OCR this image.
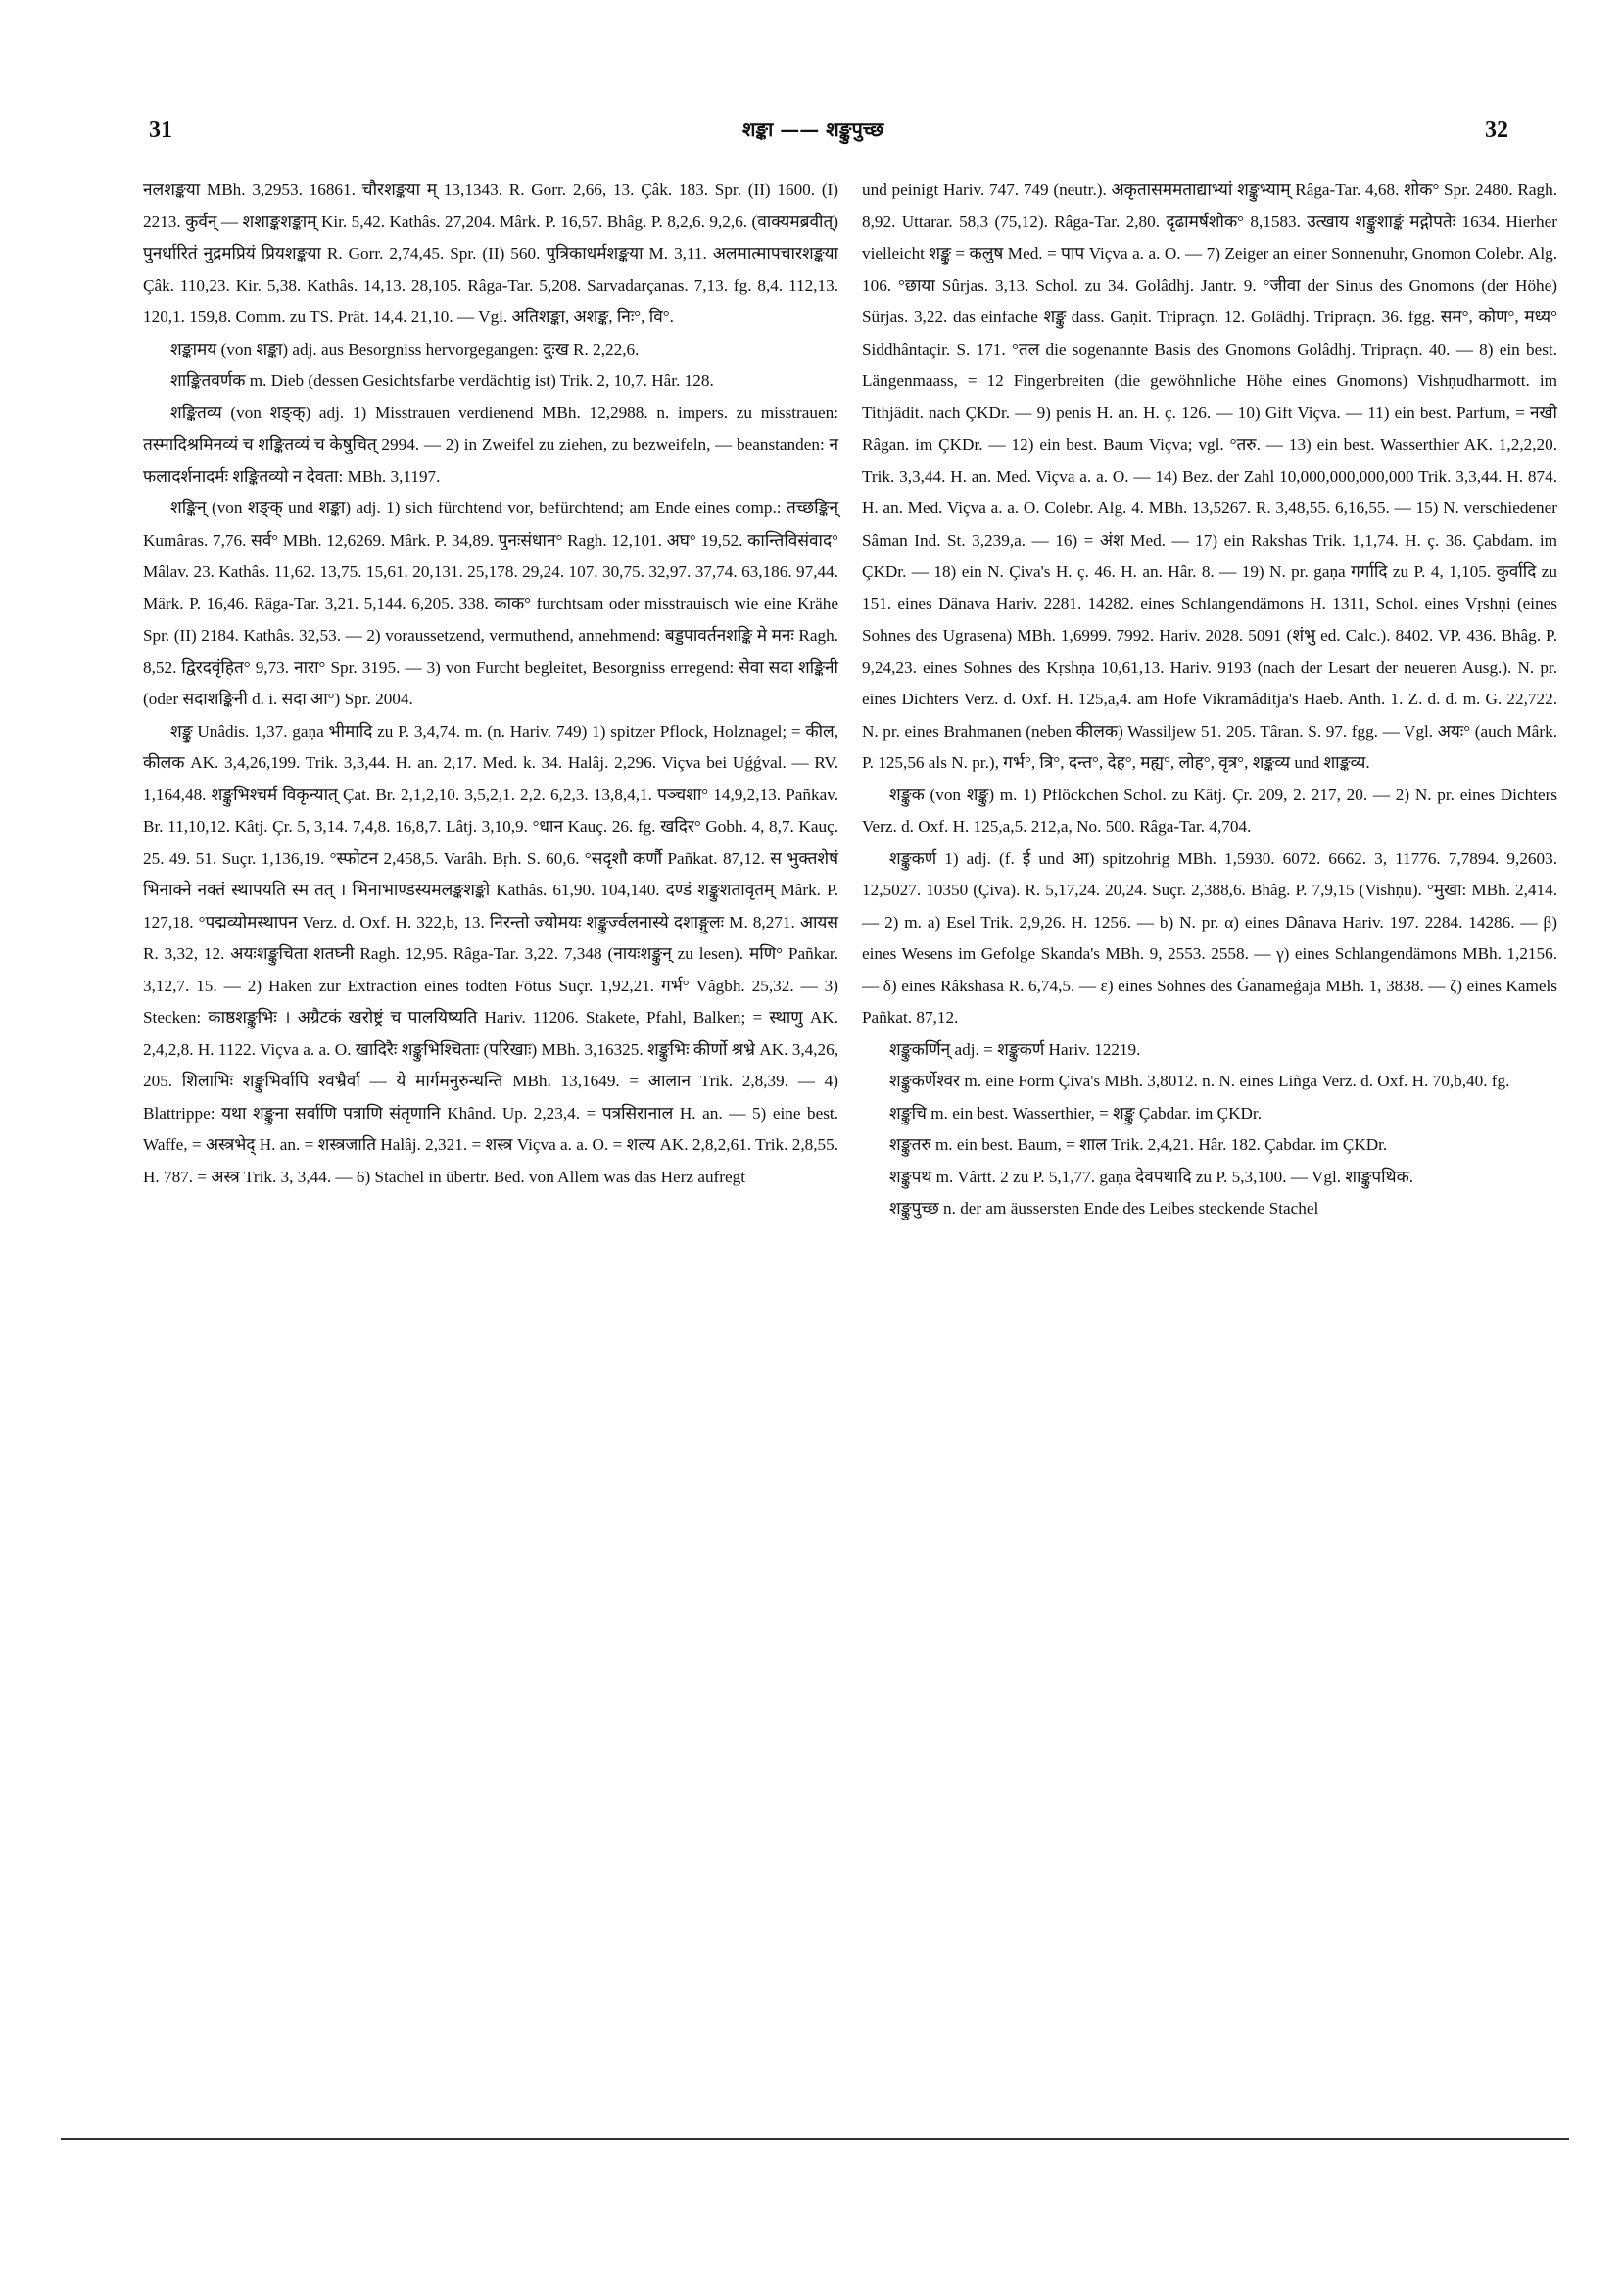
31	शङ्का —— शङ्कुपुच्छ	32

नलशङ्कया MBh. 3,2953. 16861. चौरशङ्कया म् 13,1343. R. Gorr. 2,66, 13. Çâk. 183. Spr. (II) 1600. (I) 2213. कुर्वन् — शशाङ्कशङ्काम् Kir. 5,42. Kathâs. 27,204. Mârk. P. 16,57. Bhâg. P. 8,2,6. 9,2,6. (वाक्यमब्रवीत्) पुनर्धारितं नुद्रमप्रियं प्रियशङ्कया R. Gorr. 2,74,45. Spr. (II) 560. पुत्रिकाधर्मशङ्कया M. 3,11. अलमात्मापचारशङ्कया Çâk. 110,23. Kir. 5,38. Kathâs. 14,13. 28,105. Râga-Tar. 5,208. Sarvadarçanas. 7,13. fg. 8,4. 112,13. 120,1. 159,8. Comm. zu TS. Prât. 14,4. 21,10. — Vgl. अतिशङ्का, अशङ्क, निः°, वि°.

शङ्कामय (von शङ्का) adj. aus Besorgniss hervorgegangen: दुःख R. 2,22,6.

शाङ्कितवर्णक m. Dieb (dessen Gesichtsfarbe verdächtig ist) Trik. 2, 10,7. Hâr. 128.

शङ्कितव्य (von शङ्क्) adj. 1) Misstrauen verdienend MBh. 12,2988. n. impers. zu misstrauen: तस्मादिश्रमिनव्यं च शङ्कितव्यं च केषुचित् 2994. — 2) in Zweifel zu ziehen, zu bezweifeln, — beanstanden: न फलादर्शनादर्मः शङ्कितव्यो न देवता: MBh. 3,1197.

शङ्किन् (von शङ्क् und शङ्का) adj. 1) sich fürchtend vor, befürchtend; am Ende eines comp.: तच्छङ्किन् Kumâras. 7,76. सर्व° MBh. 12,6269. Mârk. P. 34,89. पुनःसंधान° Ragh. 12,101. अघ° 19,52. कान्तिविसंवाद° Mâlav. 23. Kathâs. 11,62. 13,75. 15,61. 20,131. 25,178. 29,24. 107. 30,75. 32,97. 37,74. 63,186. 97,44. Mârk. P. 16,46. Râga-Tar. 3,21. 5,144. 6,205. 338. काक° furchtsam oder misstrauisch wie eine Krähe Spr. (II) 2184. Kathâs. 32,53. — 2) voraussetzend, vermuthend, annehmend: बड्डपावर्तनशङ्कि मे मनः Ragh. 8,52. द्विरदवृंहित° 9,73. नारा° Spr. 3195. — 3) von Furcht begleitet, Besorgniss erregend: सेवा सदा शङ्किनी (oder सदाशङ्किनी d. i. सदा आ°) Spr. 2004.

शङ्कु Unâdis. 1,37. gaṇa भीमादि zu P. 3,4,74. m. (n. Hariv. 749) 1) spitzer Pflock, Holznagel; = कील, कीलक AK. 3,4,26,199. Trik. 3,3,44. H. an. 2,17. Med. k. 34. Halâj. 2,296. Viçva bei Uǵǵval. — RV. 1,164,48. शङ्कुभिश्चर्म विकृन्यात् Çat. Br. 2,1,2,10. 3,5,2,1. 2,2. 6,2,3. 13,8,4,1. पञ्चशा° 14,9,2,13. Pañkav. Br. 11,10,12. Kâtj. Çr. 5, 3,14. 7,4,8. 16,8,7. Lâtj. 3,10,9. °धान Kauç. 26. fg. खदिर° Gobh. 4, 8,7. Kauç. 25. 49. 51. Suçr. 1,136,19. °स्फोटन 2,458,5. Varâh. Bṛh. S. 60,6. °सदृशौ कर्णौ Pañkat. 87,12. स भुक्तशेषं भिनाक्ने नक्तं स्थापयति स्म तत् । भिनाभाण्डस्यमलङ्कशङ्को Kathâs. 61,90. 104,140. दण्डं शङ्कुशतावृतम् Mârk. P. 127,18. °पद्मव्योमस्थापन Verz. d. Oxf. H. 322,b, 13. निरन्तो ज्योमयः शङ्कुर्ज्वलनास्ये दशाङ्गुलः M. 8,271. आयस R. 3,32, 12. अयःशङ्कुचिता शतघ्नी Ragh. 12,95. Râga-Tar. 3,22. 7,348 (नायःशङ्कुन् zu lesen). मणि° Pañkar. 3,12,7. 15. — 2) Haken zur Extraction eines todten Fötus Suçr. 1,92,21. गर्भ° Vâgbh. 25,32. — 3) Stecken: काष्ठशङ्कुभिः । अग्रैटकं खरोष्ट्रं च पालयिष्यति Hariv. 11206. Stakete, Pfahl, Balken; = स्थाणु AK. 2,4,2,8. H. 1122. Viçva a. a. O. खादिरैः शङ्कुभिश्चिताः (परिखाः) MBh. 3,16325. शङ्कुभिः कीर्णो श्रभ्रे AK. 3,4,26, 205. शिलाभिः शङ्कुभिर्वापि श्वभ्रैर्वा — ये मार्गमनुरुन्धन्ति MBh. 13,1649. = आलान Trik. 2,8,39. — 4) Blattrippe: यथा शङ्कुना सर्वाणि पत्राणि संतृणानि Khând. Up. 2,23,4. = पत्रसिरानाल H. an. — 5) eine best. Waffe, = अस्त्रभेद् H. an. = शस्त्रजाति Halâj. 2,321. = शस्त्र Viçva a. a. O. = शल्य AK. 2,8,2,61. Trik. 2,8,55. H. 787. = अस्त्र Trik. 3, 3,44. — 6) Stachel in übertr. Bed. von Allem was das Herz aufregt

und peinigt Hariv. 747. 749 (neutr.). अकृतासममताद्याभ्यां शङ्कुभ्याम् Râga-Tar. 4,68. शोक° Spr. 2480. Ragh. 8,92. Uttarar. 58,3 (75,12). Râga-Tar. 2,80. दृढामर्षशोक° 8,1583. उत्खाय शङ्कुशाङ्कं मद्गोपतेः 1634. Hierher vielleicht शङ्कु = कलुष Med. = पाप Viçva a. a. O. — 7) Zeiger an einer Sonnenuhr, Gnomon Colebr. Alg. 106. °छाया Sûrjas. 3,13. Schol. zu 34. Golâdhj. Jantr. 9. °जीवा der Sinus des Gnomons (der Höhe) Sûrjas. 3,22. das einfache शङ्कु dass. Gaṇit. Tripraçn. 12. Golâdhj. Tripraçn. 36. fgg. सम°, कोण°, मध्य° Siddhântaçir. S. 171. °तल die sogenannte Basis des Gnomons Golâdhj. Tripraçn. 40. — 8) ein best. Längenmaass, = 12 Fingerbreiten (die gewöhnliche Höhe eines Gnomons) Vishṇudharmott. im Tithjâdit. nach ÇKDr. — 9) penis H. an. H. ç. 126. — 10) Gift Viçva. — 11) ein best. Parfum, = नखी Râgan. im ÇKDr. — 12) ein best. Baum Viçva; vgl. °तरु. — 13) ein best. Wasserthier AK. 1,2,2,20. Trik. 3,3,44. H. an. Med. Viçva a. a. O. — 14) Bez. der Zahl 10,000,000,000,000 Trik. 3,3,44. H. 874. H. an. Med. Viçva a. a. O. Colebr. Alg. 4. MBh. 13,5267. R. 3,48,55. 6,16,55. — 15) N. verschiedener Sâman Ind. St. 3,239,a. — 16) = अंश Med. — 17) ein Rakshas Trik. 1,1,74. H. ç. 36. Çabdam. im ÇKDr. — 18) ein N. Çiva's H. ç. 46. H. an. Hâr. 8. — 19) N. pr. gaṇa गर्गादि zu P. 4, 1,105. कुर्वादि zu 151. eines Dânava Hariv. 2281. 14282. eines Schlangendämons H. 1311, Schol. eines Vṛshṇi (eines Sohnes des Ugrasena) MBh. 1,6999. 7992. Hariv. 2028. 5091 (शंभु ed. Calc.). 8402. VP. 436. Bhâg. P. 9,24,23. eines Sohnes des Kṛshṇa 10,61,13. Hariv. 9193 (nach der Lesart der neueren Ausg.). N. pr. eines Dichters Verz. d. Oxf. H. 125,a,4. am Hofe Vikramâditja's Haeb. Anth. 1. Z. d. d. m. G. 22,722. N. pr. eines Brahmanen (neben कीलक) Wassiljew 51. 205. Târan. S. 97. fgg. — Vgl. अयः° (auch Mârk. P. 125,56 als N. pr.), गर्भ°, त्रि°, दन्त°, देह°, मह्य°, लोह°, वृत्र°, शङ्कव्य und शाङ्कव्य.

शङ्कुक (von शङ्कु) m. 1) Pflöckchen Schol. zu Kâtj. Çr. 209, 2. 217, 20. — 2) N. pr. eines Dichters Verz. d. Oxf. H. 125,a,5. 212,a, No. 500. Râga-Tar. 4,704.

शङ्कुकर्ण 1) adj. (f. ई und आ) spitzohrig MBh. 1,5930. 6072. 6662. 3, 11776. 7,7894. 9,2603. 12,5027. 10350 (Çiva). R. 5,17,24. 20,24. Suçr. 2,388,6. Bhâg. P. 7,9,15 (Vishṇu). °मुखा: MBh. 2,414. — 2) m. a) Esel Trik. 2,9,26. H. 1256. — b) N. pr. α) eines Dânava Hariv. 197. 2284. 14286. — β) eines Wesens im Gefolge Skanda's MBh. 9, 2553. 2558. — γ) eines Schlangendämons MBh. 1,2156. — δ) eines Râkshasa R. 6,74,5. — ε) eines Sohnes des Ġanameǵaja MBh. 1, 3838. — ζ) eines Kamels Pañkat. 87,12.

शङ्कुकर्णिन् adj. = शङ्कुकर्ण Hariv. 12219.

शङ्कुकर्णेश्वर m. eine Form Çiva's MBh. 3,8012. n. N. eines Liñga Verz. d. Oxf. H. 70,b,40. fg.

शङ्कुचि m. ein best. Wasserthier, = शङ्कु Çabdar. im ÇKDr.

शङ्कुतरु m. ein best. Baum, = शाल Trik. 2,4,21. Hâr. 182. Çabdar. im ÇKDr.

शङ्कुपथ m. Vârtt. 2 zu P. 5,1,77. gaṇa देवपथादि zu P. 5,3,100. — Vgl. शाङ्कुपथिक.

शङ्कुपुच्छ n. der am äussersten Ende des Leibes steckende Stachel
